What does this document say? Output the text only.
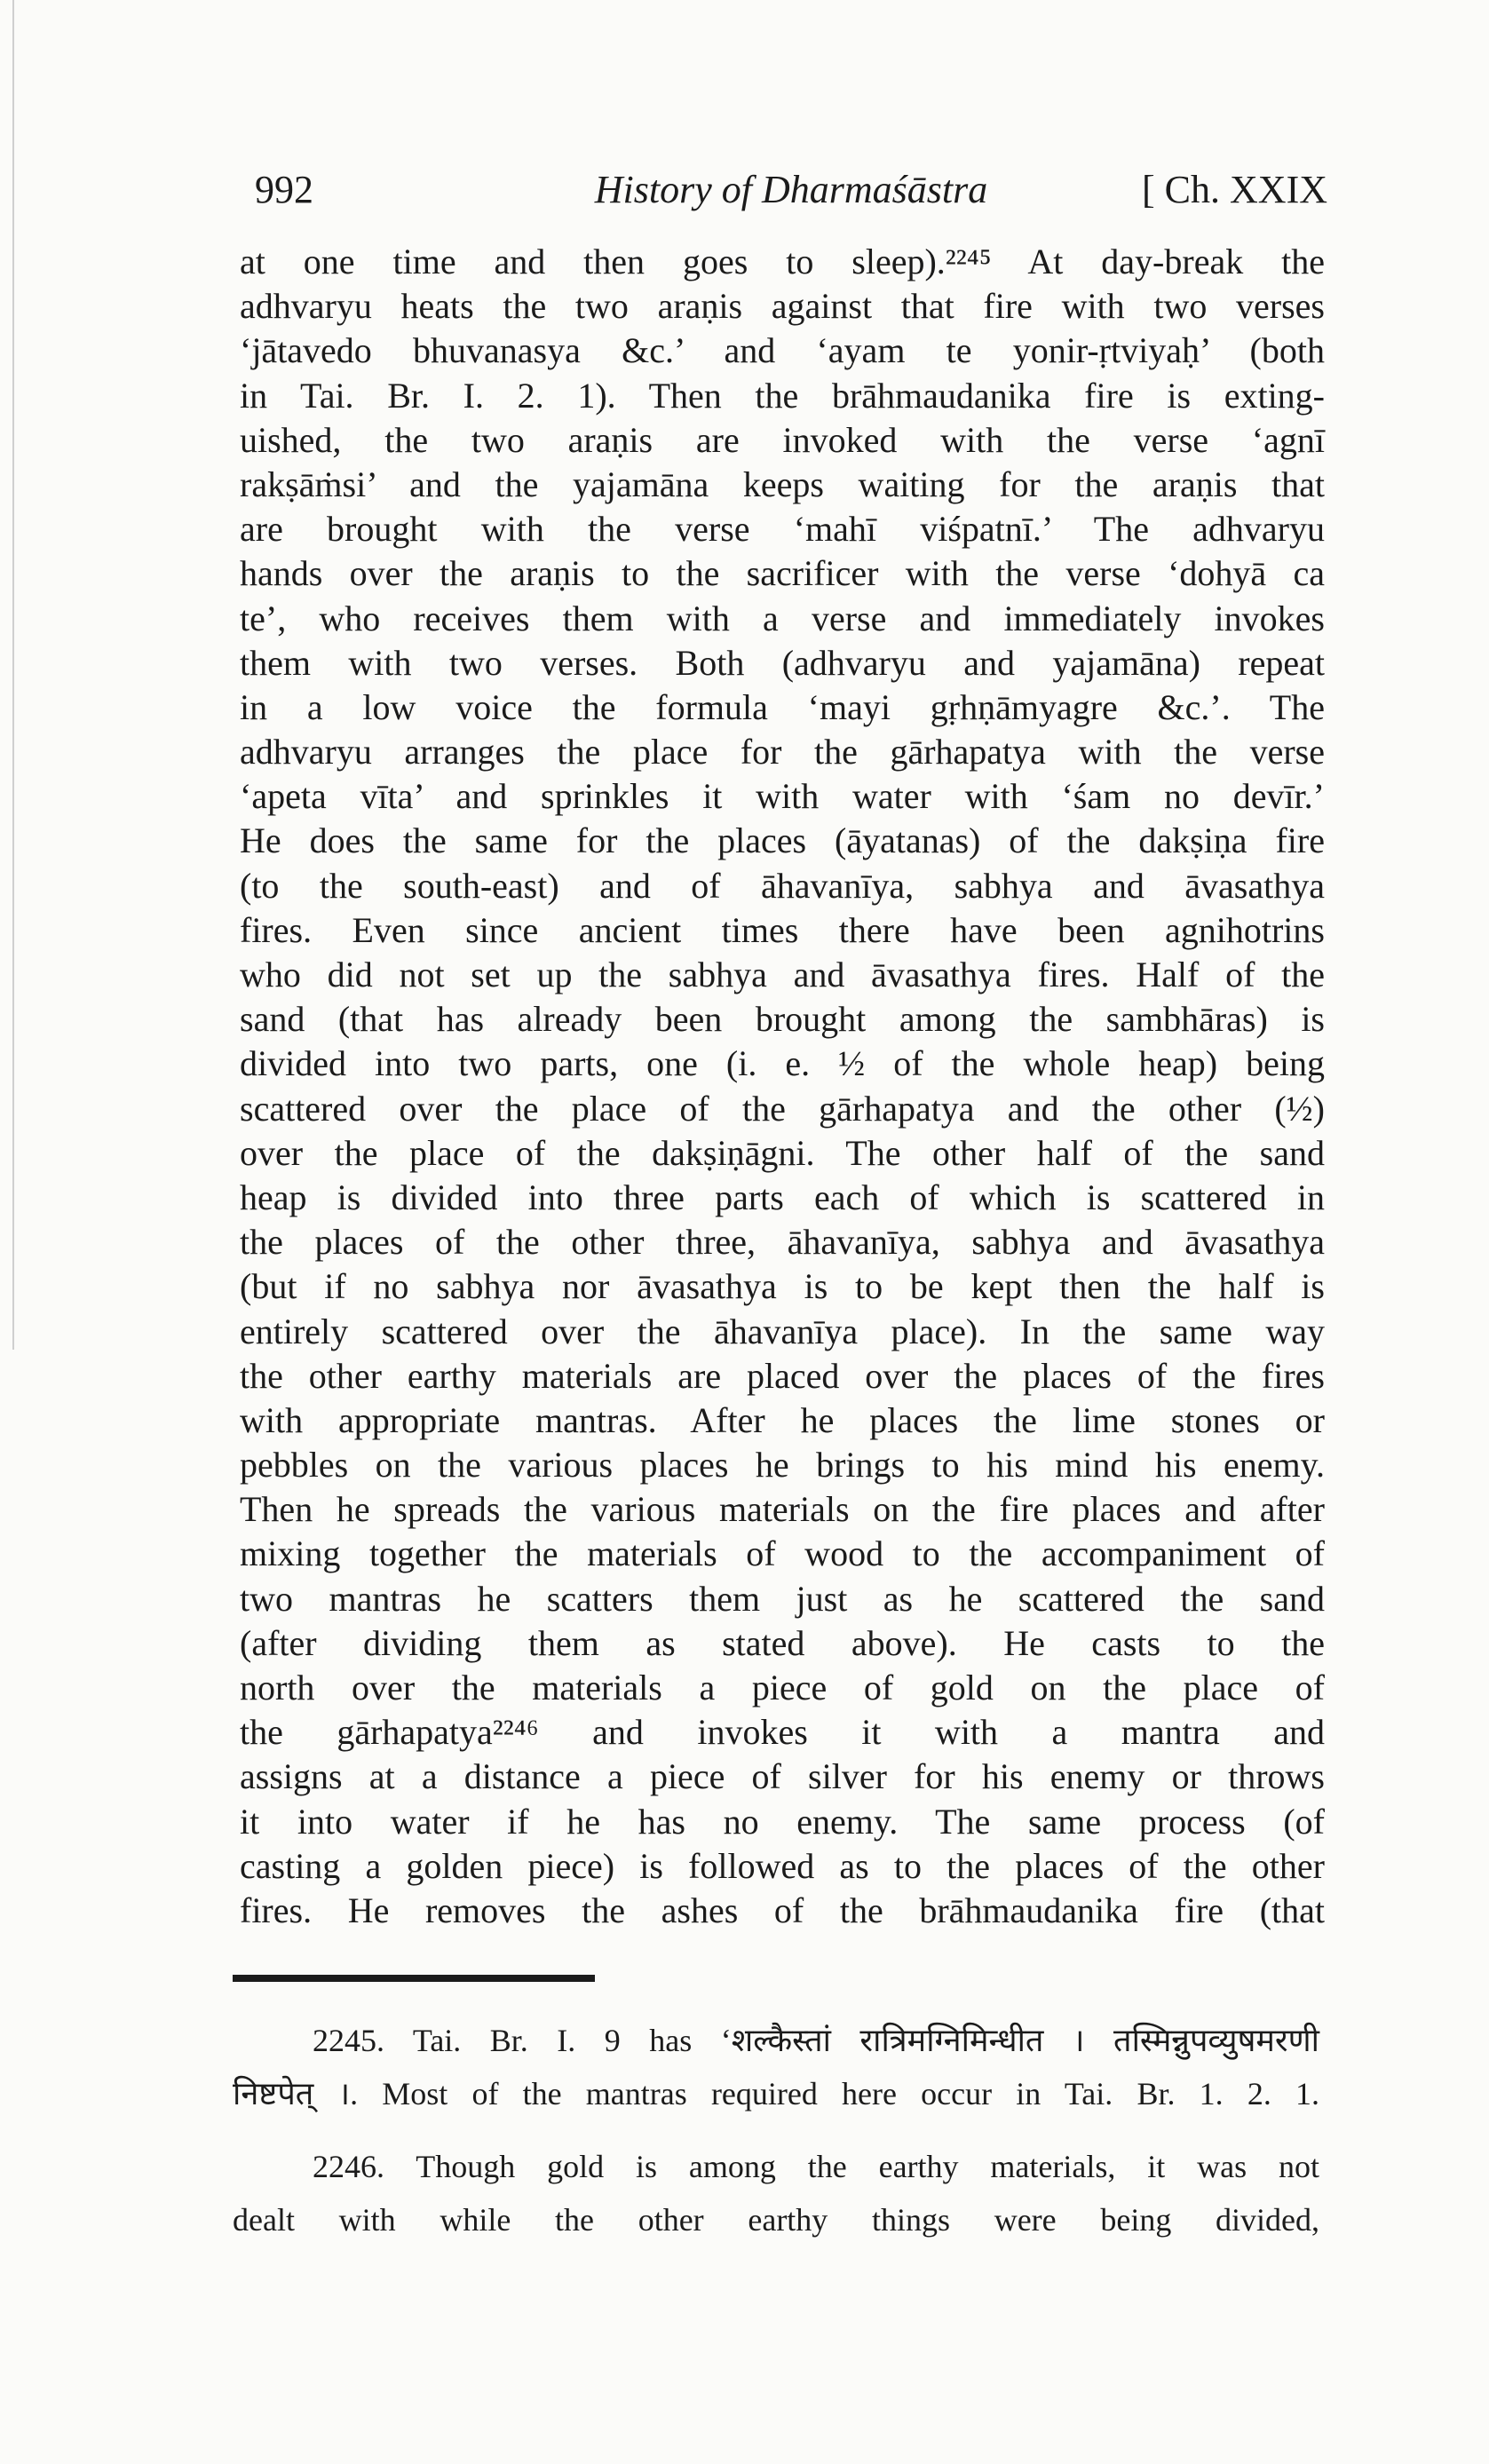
992	History of Dharmaśāstra	[ Ch. XXIX
at one time and then goes to sleep).²²⁴⁵ At day-break the
adhvaryu heats the two araṇis against that fire with two verses
‘jātavedo bhuvanasya &c.’ and ‘ayam te yonir-ṛtviyaḥ’ (both
in Tai. Br. I. 2. 1). Then the brāhmaudanika fire is exting-
uished, the two araṇis are invoked with the verse ‘agnī
rakṣāṁsi’ and the yajamāna keeps waiting for the araṇis that
are brought with the verse ‘mahī viśpatnī.’ The adhvaryu
hands over the araṇis to the sacrificer with the verse ‘dohyā ca
te’, who receives them with a verse and immediately invokes
them with two verses. Both (adhvaryu and yajamāna) repeat
in a low voice the formula ‘mayi gṛhṇāmyagre &c.’. The
adhvaryu arranges the place for the gārhapatya with the verse
‘apeta vīta’ and sprinkles it with water with ‘śam no devīr.’
He does the same for the places (āyatanas) of the dakṣiṇa fire
(to the south-east) and of āhavanīya, sabhya and āvasathya
fires. Even since ancient times there have been agnihotrins
who did not set up the sabhya and āvasathya fires. Half of the
sand (that has already been brought among the sambhāras) is
divided into two parts, one (i. e. ½ of the whole heap) being
scattered over the place of the gārhapatya and the other (½)
over the place of the dakṣiṇāgni. The other half of the sand
heap is divided into three parts each of which is scattered in
the places of the other three, āhavanīya, sabhya and āvasathya
(but if no sabhya nor āvasathya is to be kept then the half is
entirely scattered over the āhavanīya place). In the same way
the other earthy materials are placed over the places of the fires
with appropriate mantras. After he places the lime stones or
pebbles on the various places he brings to his mind his enemy.
Then he spreads the various materials on the fire places and after
mixing together the materials of wood to the accompaniment of
two mantras he scatters them just as he scattered the sand
(after dividing them as stated above). He casts to the
north over the materials a piece of gold on the place of
the gārhapatya²²⁴⁶ and invokes it with a mantra and
assigns at a distance a piece of silver for his enemy or throws
it into water if he has no enemy. The same process (of
casting a golden piece) is followed as to the places of the other
fires. He removes the ashes of the brāhmaudanika fire (that
2245. Tai. Br. I. 9 has ‘शल्कैस्तां रात्रिमग्निमिन्धीत । तस्मिन्नुपव्युषमरणी
निष्टपेत् ।. Most of the mantras required here occur in Tai. Br. 1. 2. 1.
2246. Though gold is among the earthy materials, it was not
dealt with while the other earthy things were being divided,
